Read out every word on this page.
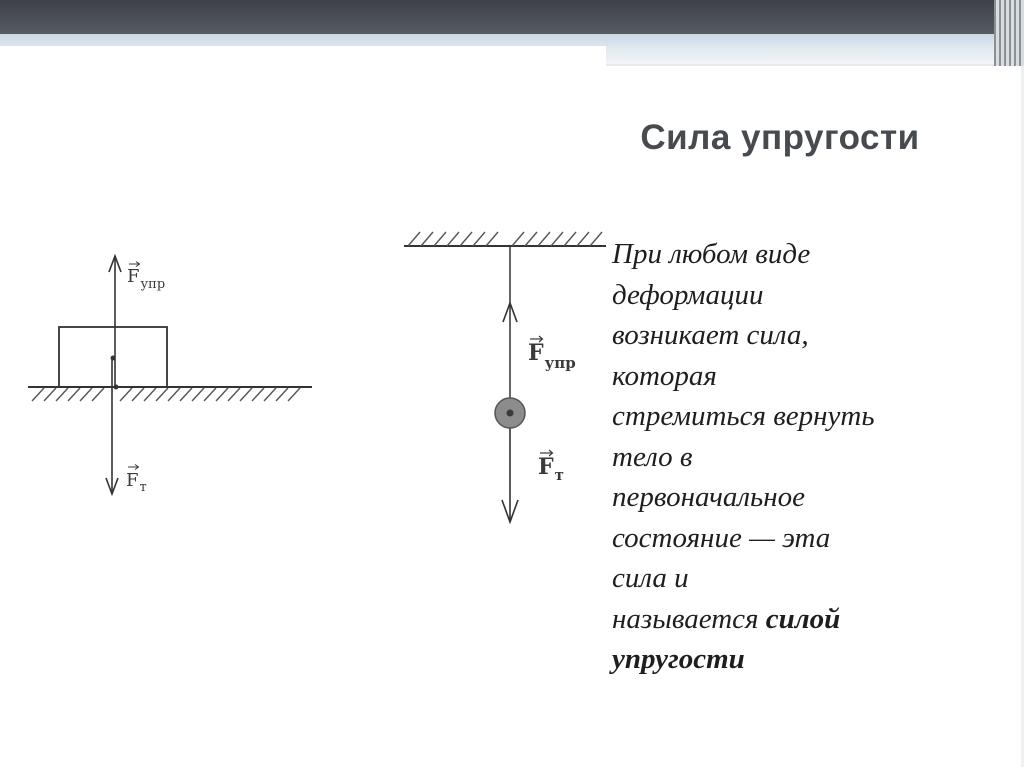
Сила упругости

При любом виде
деформации
возникает сила,
которая
стремиться вернуть
тело в
первоначальное
состояние — эта
сила и
называется силой
упругости

$F_{упр}$
$F_т$
$F_{упр}$
$F_т$
